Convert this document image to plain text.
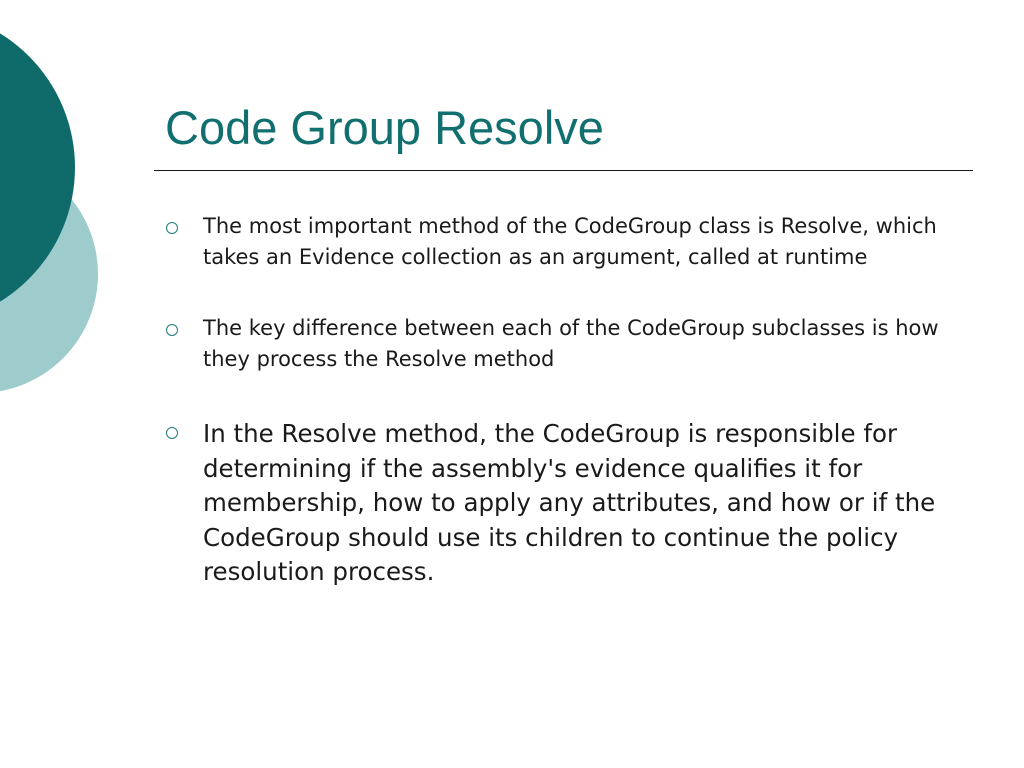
Code Group Resolve
The most important method of the CodeGroup class is Resolve, which takes an Evidence collection as an argument, called at runtime
The key difference between each of the CodeGroup subclasses is how they process the Resolve method
In the Resolve method, the CodeGroup is responsible for  determining if the assembly's evidence qualifies it for membership, how to apply any attributes, and how or if the CodeGroup should use its children to continue the policy resolution process.
